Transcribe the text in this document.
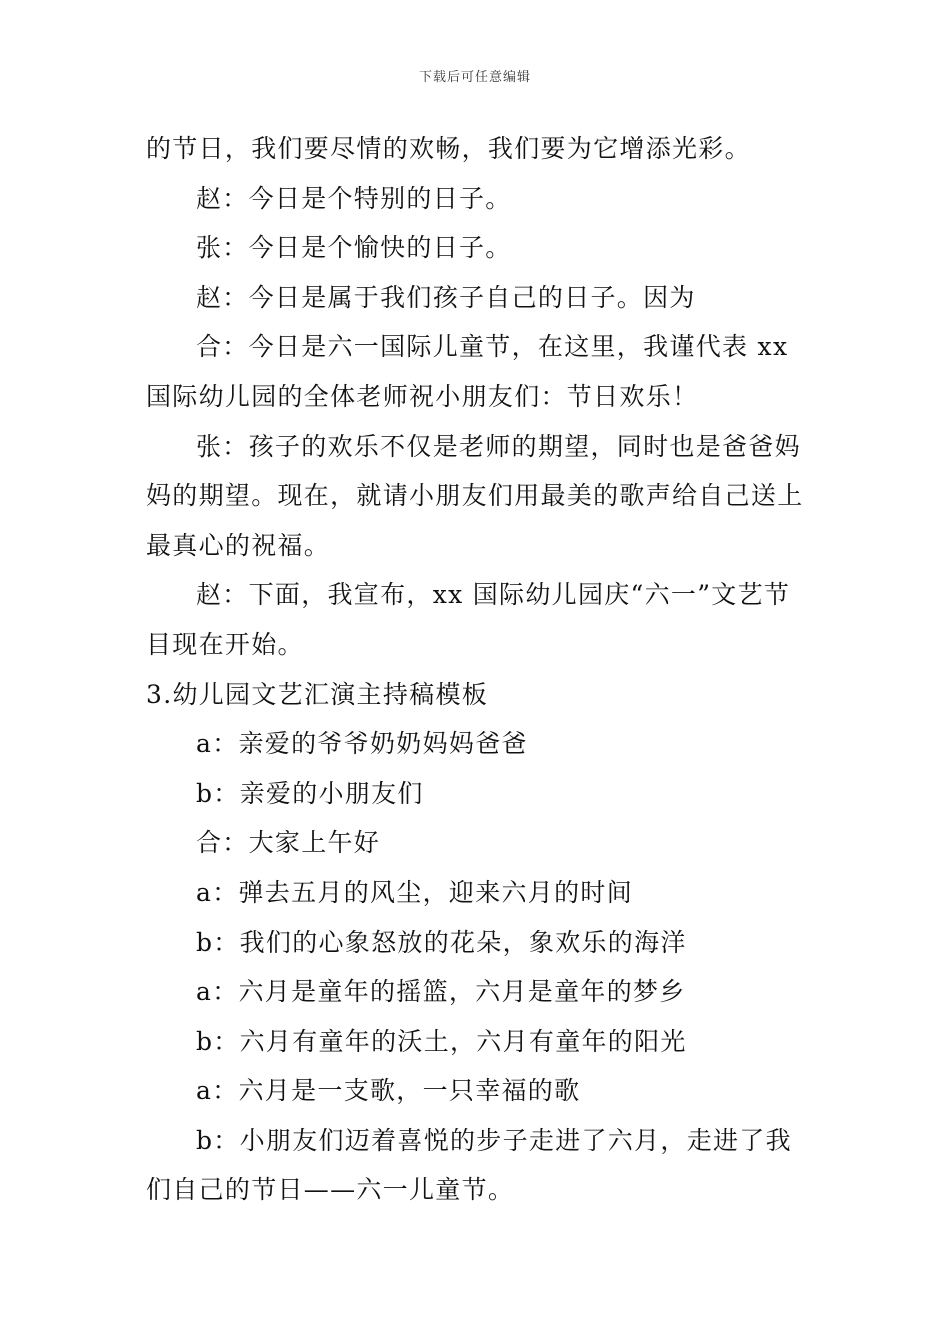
下载后可任意编辑

的节日，我们要尽情的欢畅，我们要为它增添光彩。

赵：今日是个特别的日子。

张：今日是个愉快的日子。

赵：今日是属于我们孩子自己的日子。因为

合：今日是六一国际儿童节，在这里，我谨代表 xx 国际幼儿园的全体老师祝小朋友们：节日欢乐！

张：孩子的欢乐不仅是老师的期望，同时也是爸爸妈妈的期望。现在，就请小朋友们用最美的歌声给自己送上最真心的祝福。

赵：下面，我宣布，xx 国际幼儿园庆“六一”文艺节目现在开始。

3.幼儿园文艺汇演主持稿模板

a：亲爱的爷爷奶奶妈妈爸爸

b：亲爱的小朋友们

合：大家上午好

a：弹去五月的风尘，迎来六月的时间

b：我们的心象怒放的花朵，象欢乐的海洋

a：六月是童年的摇篮，六月是童年的梦乡

b：六月有童年的沃土，六月有童年的阳光

a：六月是一支歌，一只幸福的歌

b：小朋友们迈着喜悦的步子走进了六月，走进了我们自己的节日——六一儿童节。
